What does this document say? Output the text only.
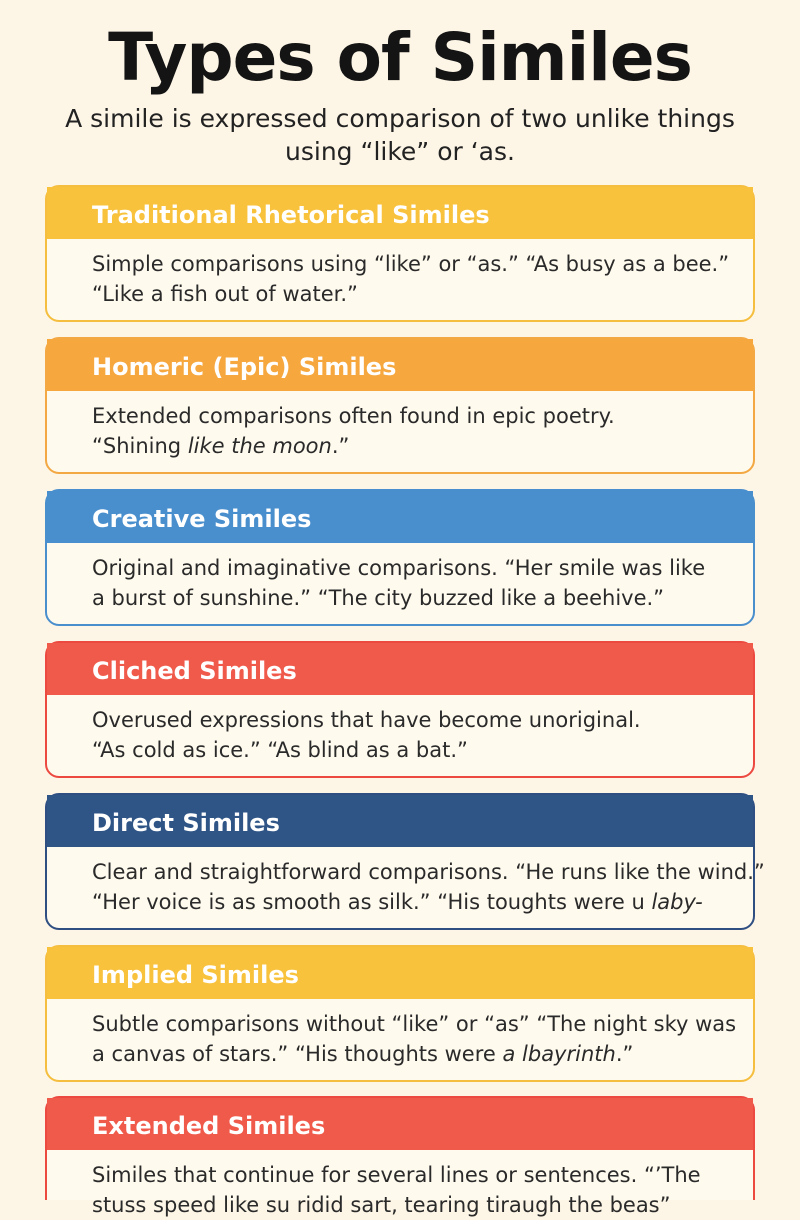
Types of Similes
A simile is expressed comparison of two unlike things using “like” or ‘as.
Traditional Rhetorical Similes

Simple comparisons using “like” or “as.” “As busy as a bee.”

“Like a fish out of water.”

Homeric (Epic) Similes

Extended comparisons often found in epic poetry.

“Shining like the moon.”

Creative Similes

Original and imaginative comparisons. “Her smile was like

a burst of sunshine.” “The city buzzed like a beehive.”

Cliched Similes

Overused expressions that have become unoriginal.

“As cold as ice.” “As blind as a bat.”

Direct Similes

Clear and straightforward comparisons. “He runs like the wind.”

“Her voice is as smooth as silk.” “His toughts were u laby-

Implied Similes

Subtle comparisons without “like” or “as” “The night sky was

a canvas of stars.” “His thoughts were a lbayrinth.”

Extended Similes

Similes that continue for several lines or sentences. “’The

stuss speed like su ridid sart, tearing tiraugh the beas”
